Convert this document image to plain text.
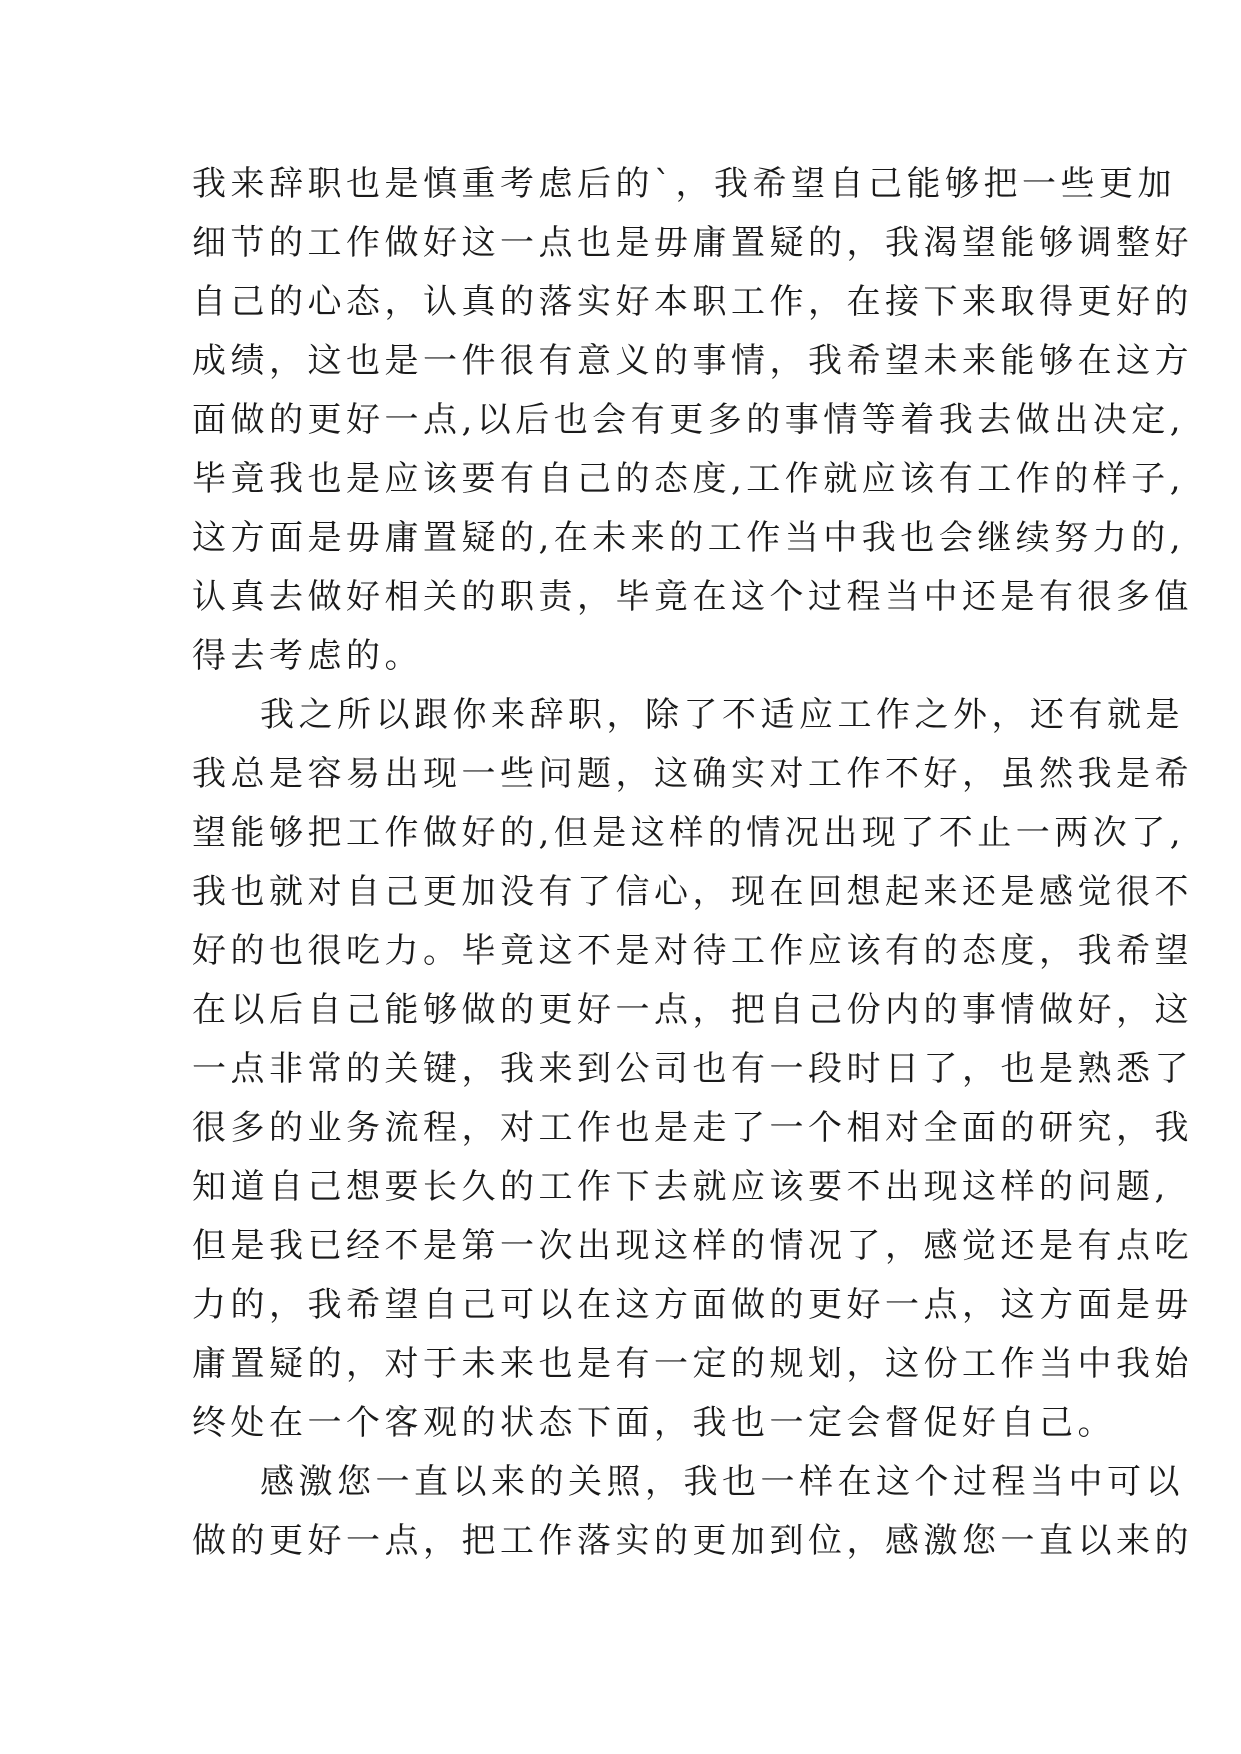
我来辞职也是慎重考虑后的`，我希望自己能够把一些更加
细节的工作做好这一点也是毋庸置疑的，我渴望能够调整好
自己的心态，认真的落实好本职工作，在接下来取得更好的
成绩，这也是一件很有意义的事情，我希望未来能够在这方
面做的更好一点,以后也会有更多的事情等着我去做出决定,
毕竟我也是应该要有自己的态度,工作就应该有工作的样子,
这方面是毋庸置疑的,在未来的工作当中我也会继续努力的,
认真去做好相关的职责，毕竟在这个过程当中还是有很多值
得去考虑的。
我之所以跟你来辞职，除了不适应工作之外，还有就是
我总是容易出现一些问题，这确实对工作不好，虽然我是希
望能够把工作做好的,但是这样的情况出现了不止一两次了,
我也就对自己更加没有了信心，现在回想起来还是感觉很不
好的也很吃力。毕竟这不是对待工作应该有的态度，我希望
在以后自己能够做的更好一点，把自己份内的事情做好，这
一点非常的关键，我来到公司也有一段时日了，也是熟悉了
很多的业务流程，对工作也是走了一个相对全面的研究，我
知道自己想要长久的工作下去就应该要不出现这样的问题,
但是我已经不是第一次出现这样的情况了，感觉还是有点吃
力的，我希望自己可以在这方面做的更好一点，这方面是毋
庸置疑的，对于未来也是有一定的规划，这份工作当中我始
终处在一个客观的状态下面，我也一定会督促好自己。
感激您一直以来的关照，我也一样在这个过程当中可以
做的更好一点，把工作落实的更加到位，感激您一直以来的
